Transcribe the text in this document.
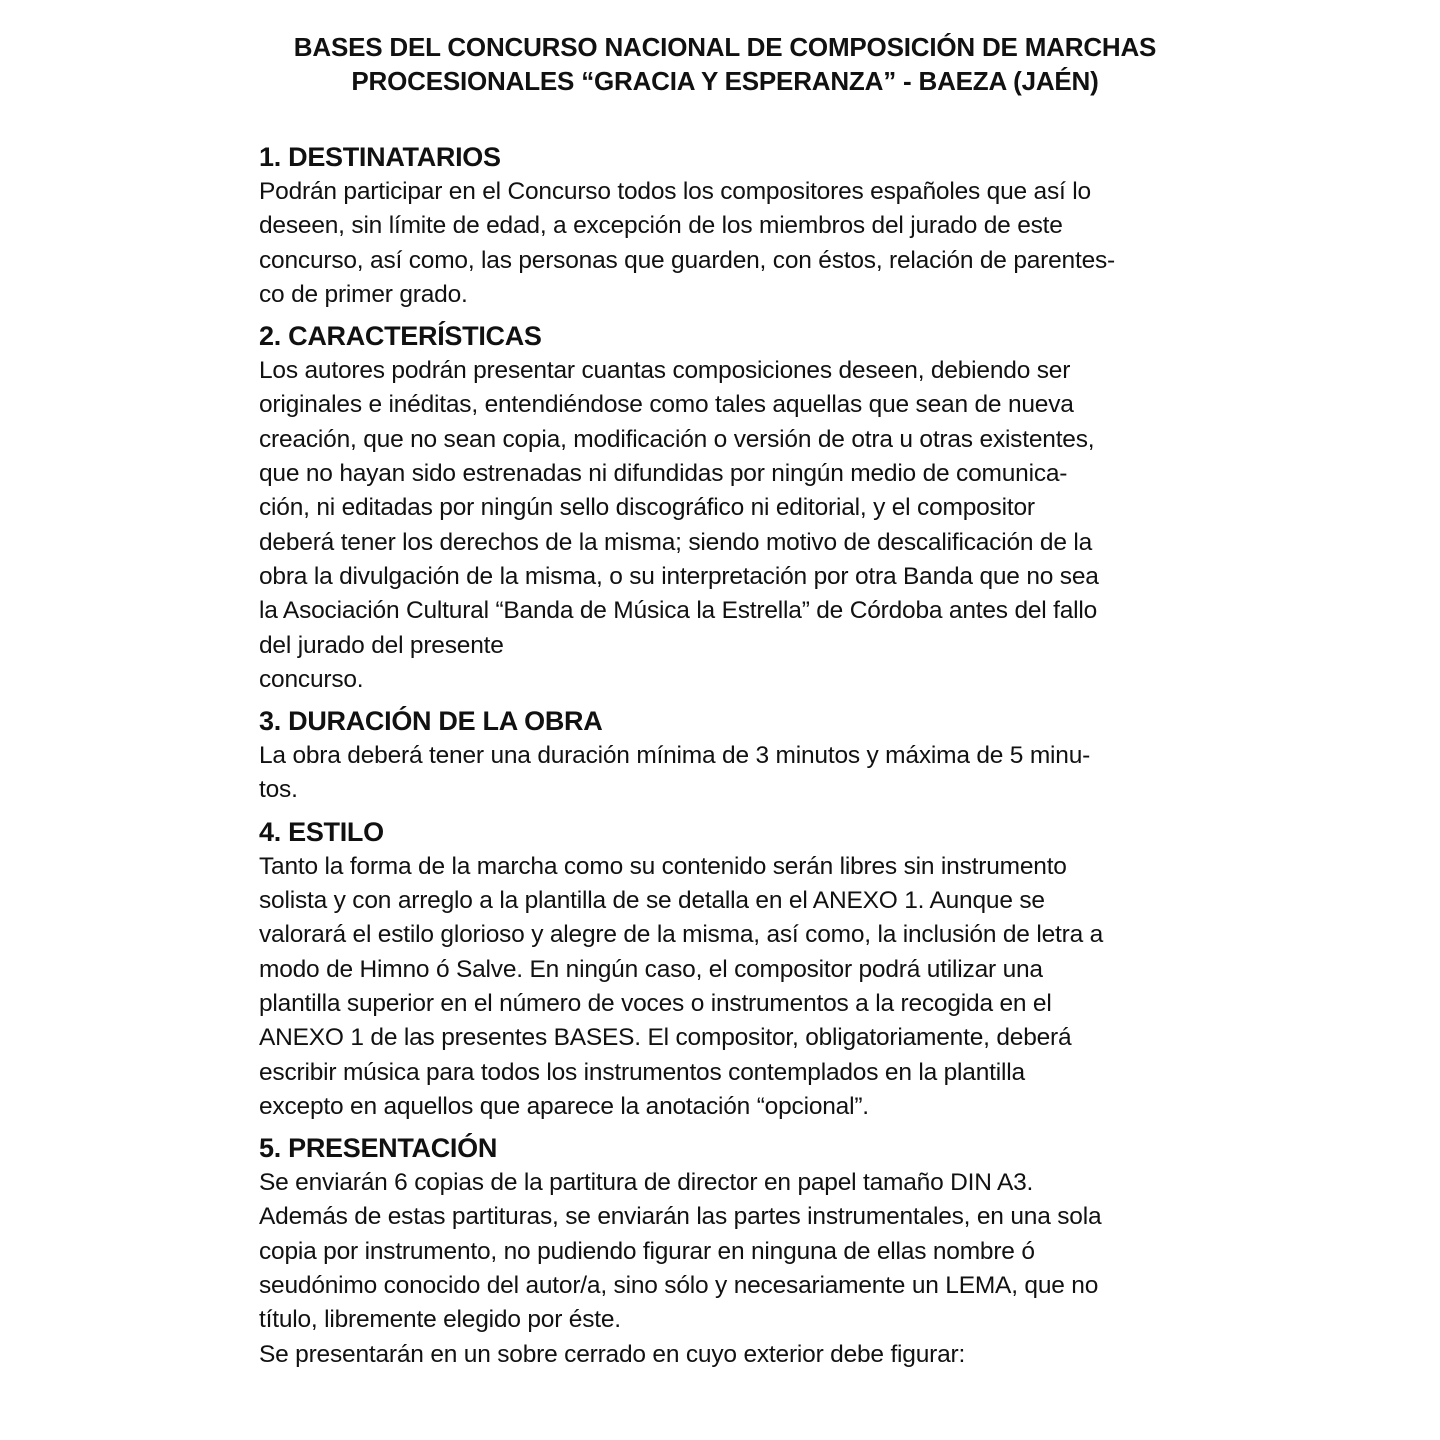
BASES DEL CONCURSO NACIONAL DE COMPOSICIÓN DE MARCHAS
PROCESIONALES “GRACIA Y ESPERANZA” - BAEZA (JAÉN)
1. DESTINATARIOS

Podrán participar en el Concurso todos los compositores españoles que así lo
deseen, sin límite de edad, a excepción de los miembros del jurado de este
concurso, así como, las personas que guarden, con éstos, relación de parentes-
co de primer grado.

2. CARACTERÍSTICAS

Los autores podrán presentar cuantas composiciones deseen, debiendo ser
originales e inéditas, entendiéndose como tales aquellas que sean de nueva
creación, que no sean copia, modificación o versión de otra u otras existentes,
que no hayan sido estrenadas ni difundidas por ningún medio de comunica-
ción, ni editadas por ningún sello discográfico ni editorial, y el compositor
deberá tener los derechos de la misma; siendo motivo de descalificación de la
obra la divulgación de la misma, o su interpretación por otra Banda que no sea
la Asociación Cultural “Banda de Música la Estrella” de Córdoba antes del fallo
del jurado del presente
concurso.

3. DURACIÓN DE LA OBRA

La obra deberá tener una duración mínima de 3 minutos y máxima de 5 minu-
tos.

4. ESTILO

Tanto la forma de la marcha como su contenido serán libres sin instrumento
solista y con arreglo a la plantilla de se detalla en el ANEXO 1. Aunque se
valorará el estilo glorioso y alegre de la misma, así como, la inclusión de letra a
modo de Himno ó Salve. En ningún caso, el compositor podrá utilizar una
plantilla superior en el número de voces o instrumentos a la recogida en el
ANEXO 1 de las presentes BASES. El compositor, obligatoriamente, deberá
escribir música para todos los instrumentos contemplados en la plantilla
excepto en aquellos que aparece la anotación “opcional”.

5. PRESENTACIÓN

Se enviarán 6 copias de la partitura de director en papel tamaño DIN A3.
Además de estas partituras, se enviarán las partes instrumentales, en una sola
copia por instrumento, no pudiendo figurar en ninguna de ellas nombre ó
seudónimo conocido del autor/a, sino sólo y necesariamente un LEMA, que no
título, libremente elegido por éste.
Se presentarán en un sobre cerrado en cuyo exterior debe figurar:
